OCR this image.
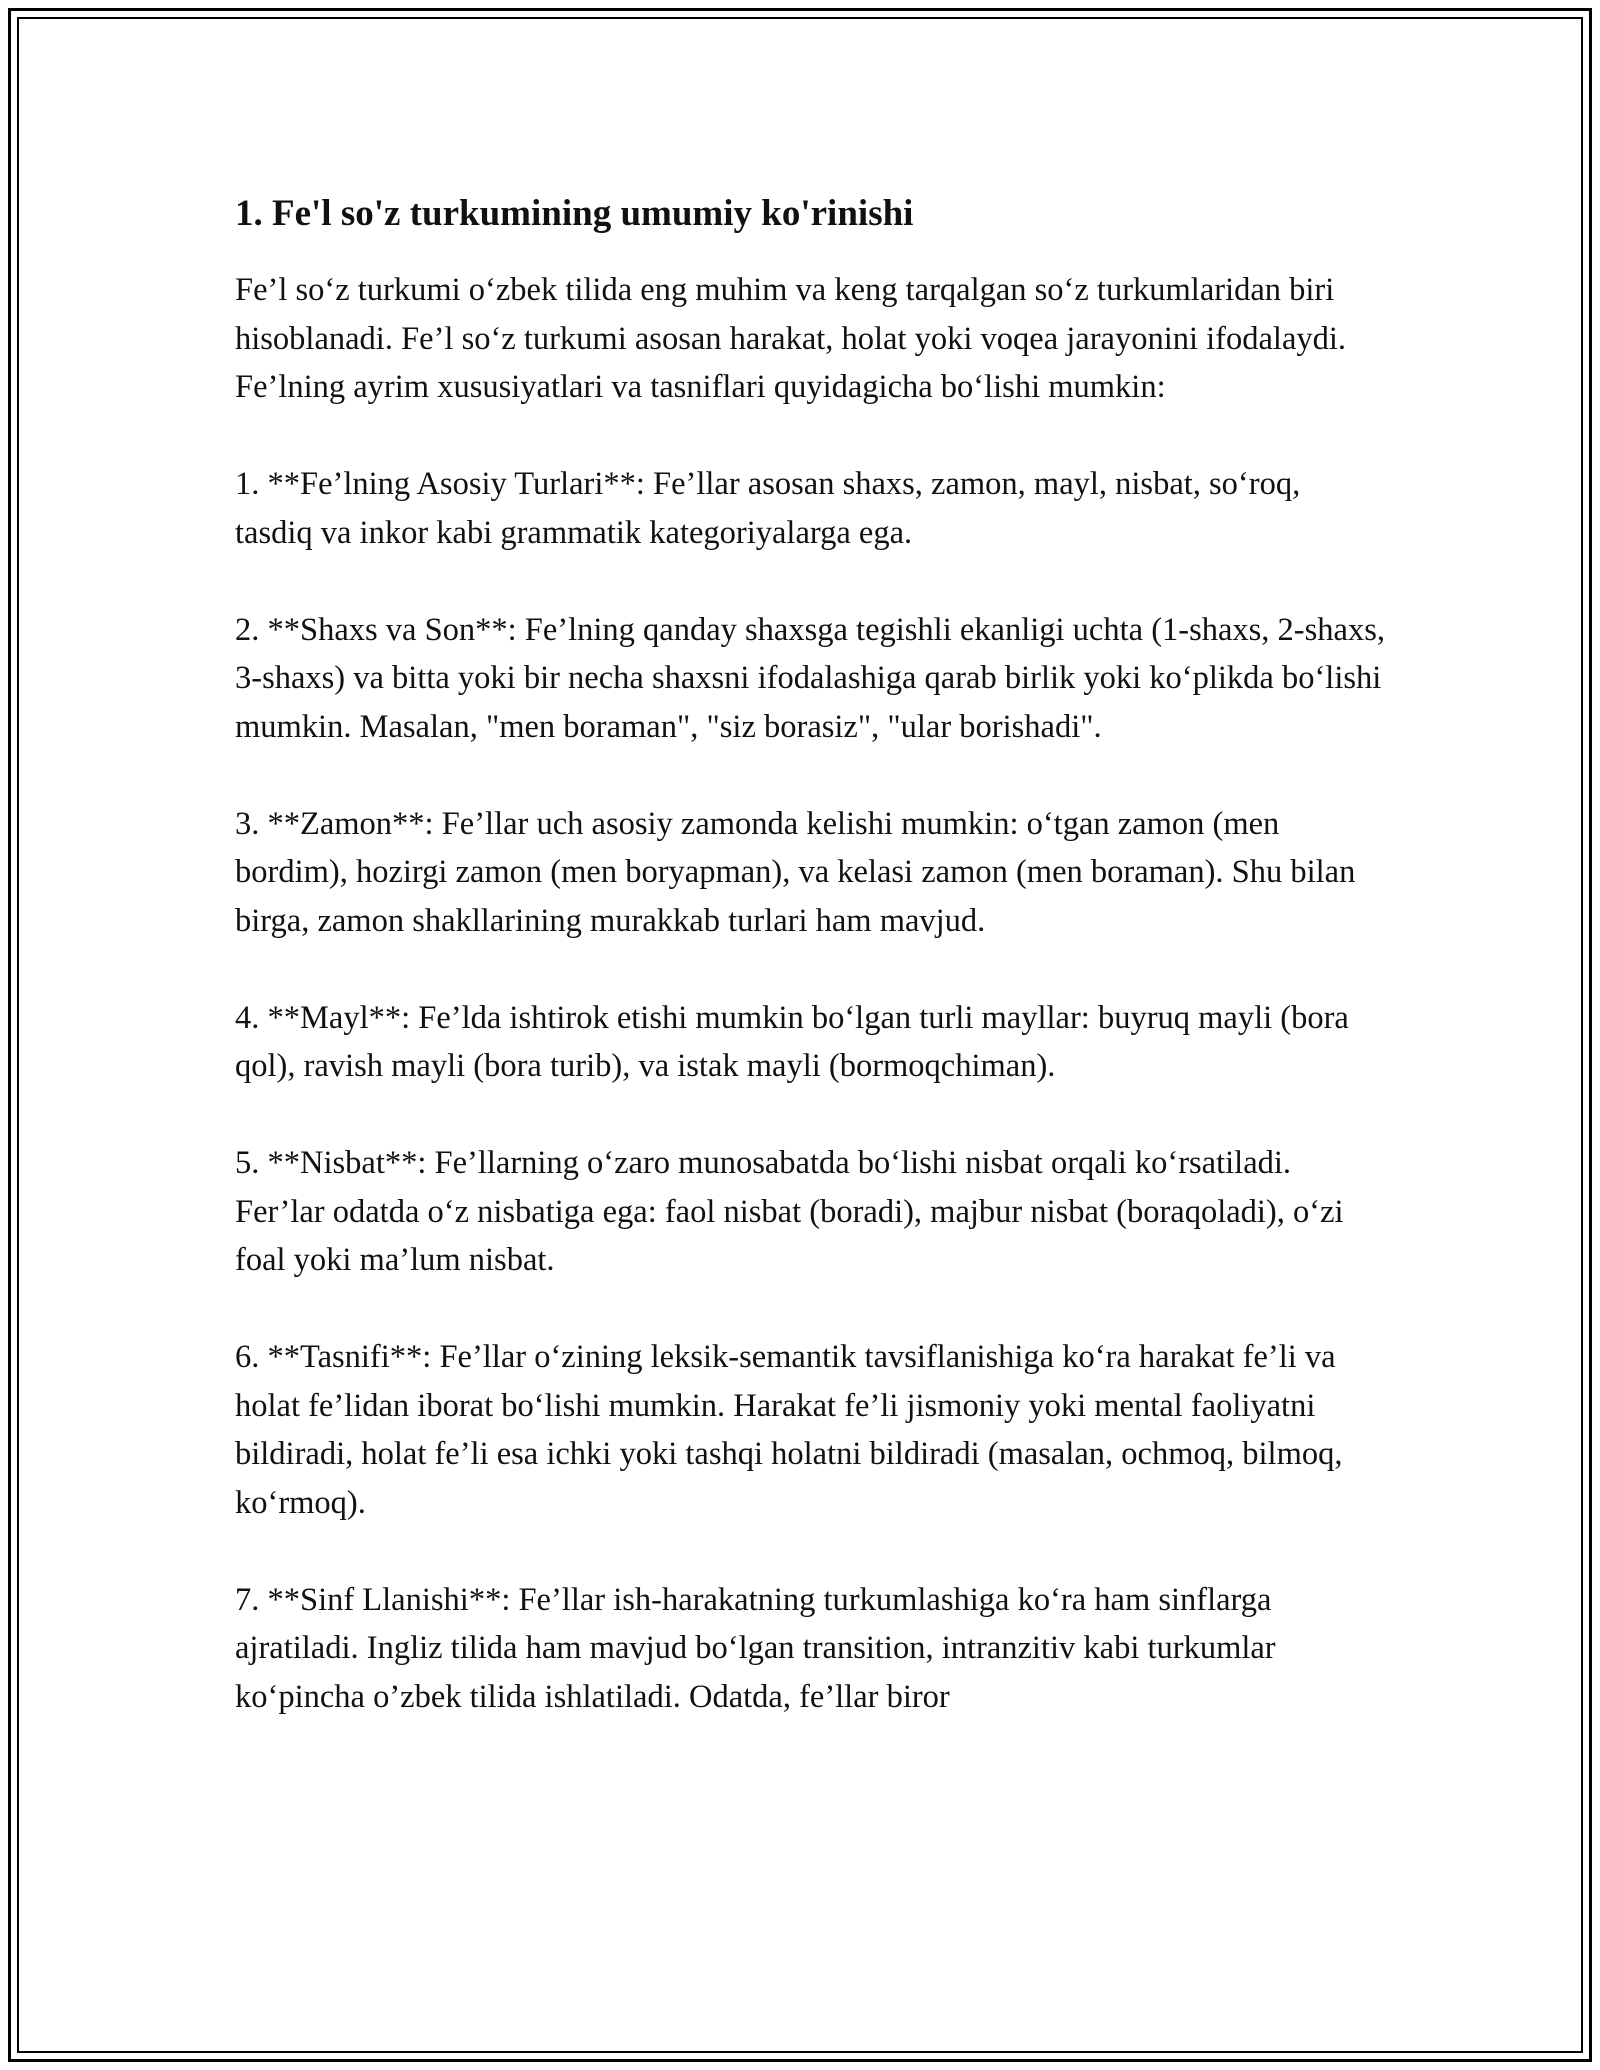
1. Fe'l so'z turkumining umumiy ko'rinishi

Fe’l so‘z turkumi o‘zbek tilida eng muhim va keng tarqalgan so‘z turkumlaridan biri hisoblanadi. Fe’l so‘z turkumi asosan harakat, holat yoki voqea jarayonini ifodalaydi. Fe’lning ayrim xususiyatlari va tasniflari quyidagicha bo‘lishi mumkin:

1. **Fe’lning Asosiy Turlari**: Fe’llar asosan shaxs, zamon, mayl, nisbat, so‘roq, tasdiq va inkor kabi grammatik kategoriyalarga ega.

2. **Shaxs va Son**: Fe’lning qanday shaxsga tegishli ekanligi uchta (1-shaxs, 2-shaxs, 3-shaxs) va bitta yoki bir necha shaxsni ifodalashiga qarab birlik yoki ko‘plikda bo‘lishi mumkin. Masalan, "men boraman", "siz borasiz", "ular borishadi".

3. **Zamon**: Fe’llar uch asosiy zamonda kelishi mumkin: o‘tgan zamon (men bordim), hozirgi zamon (men boryapman), va kelasi zamon (men boraman). Shu bilan birga, zamon shakllarining murakkab turlari ham mavjud.

4. **Mayl**: Fe’lda ishtirok etishi mumkin bo‘lgan turli mayllar: buyruq mayli (bora qol), ravish mayli (bora turib), va istak mayli (bormoqchiman).

5. **Nisbat**: Fe’llarning o‘zaro munosabatda bo‘lishi nisbat orqali ko‘rsatiladi. Fer’lar odatda o‘z nisbatiga ega: faol nisbat (boradi), majbur nisbat (boraqoladi), o‘zi foal yoki ma’lum nisbat.

6. **Tasnifi**: Fe’llar o‘zining leksik-semantik tavsiflanishiga ko‘ra harakat fe’li va holat fe’lidan iborat bo‘lishi mumkin. Harakat fe’li jismoniy yoki mental faoliyatni bildiradi, holat fe’li esa ichki yoki tashqi holatni bildiradi (masalan, ochmoq, bilmoq, ko‘rmoq).

7. **Sinf Llanishi**: Fe’llar ish-harakatning turkumlashiga ko‘ra ham sinflarga ajratiladi. Ingliz tilida ham mavjud bo‘lgan transition, intranzitiv kabi turkumlar ko‘pincha o’zbek tilida ishlatiladi. Odatda, fe’llar biror
